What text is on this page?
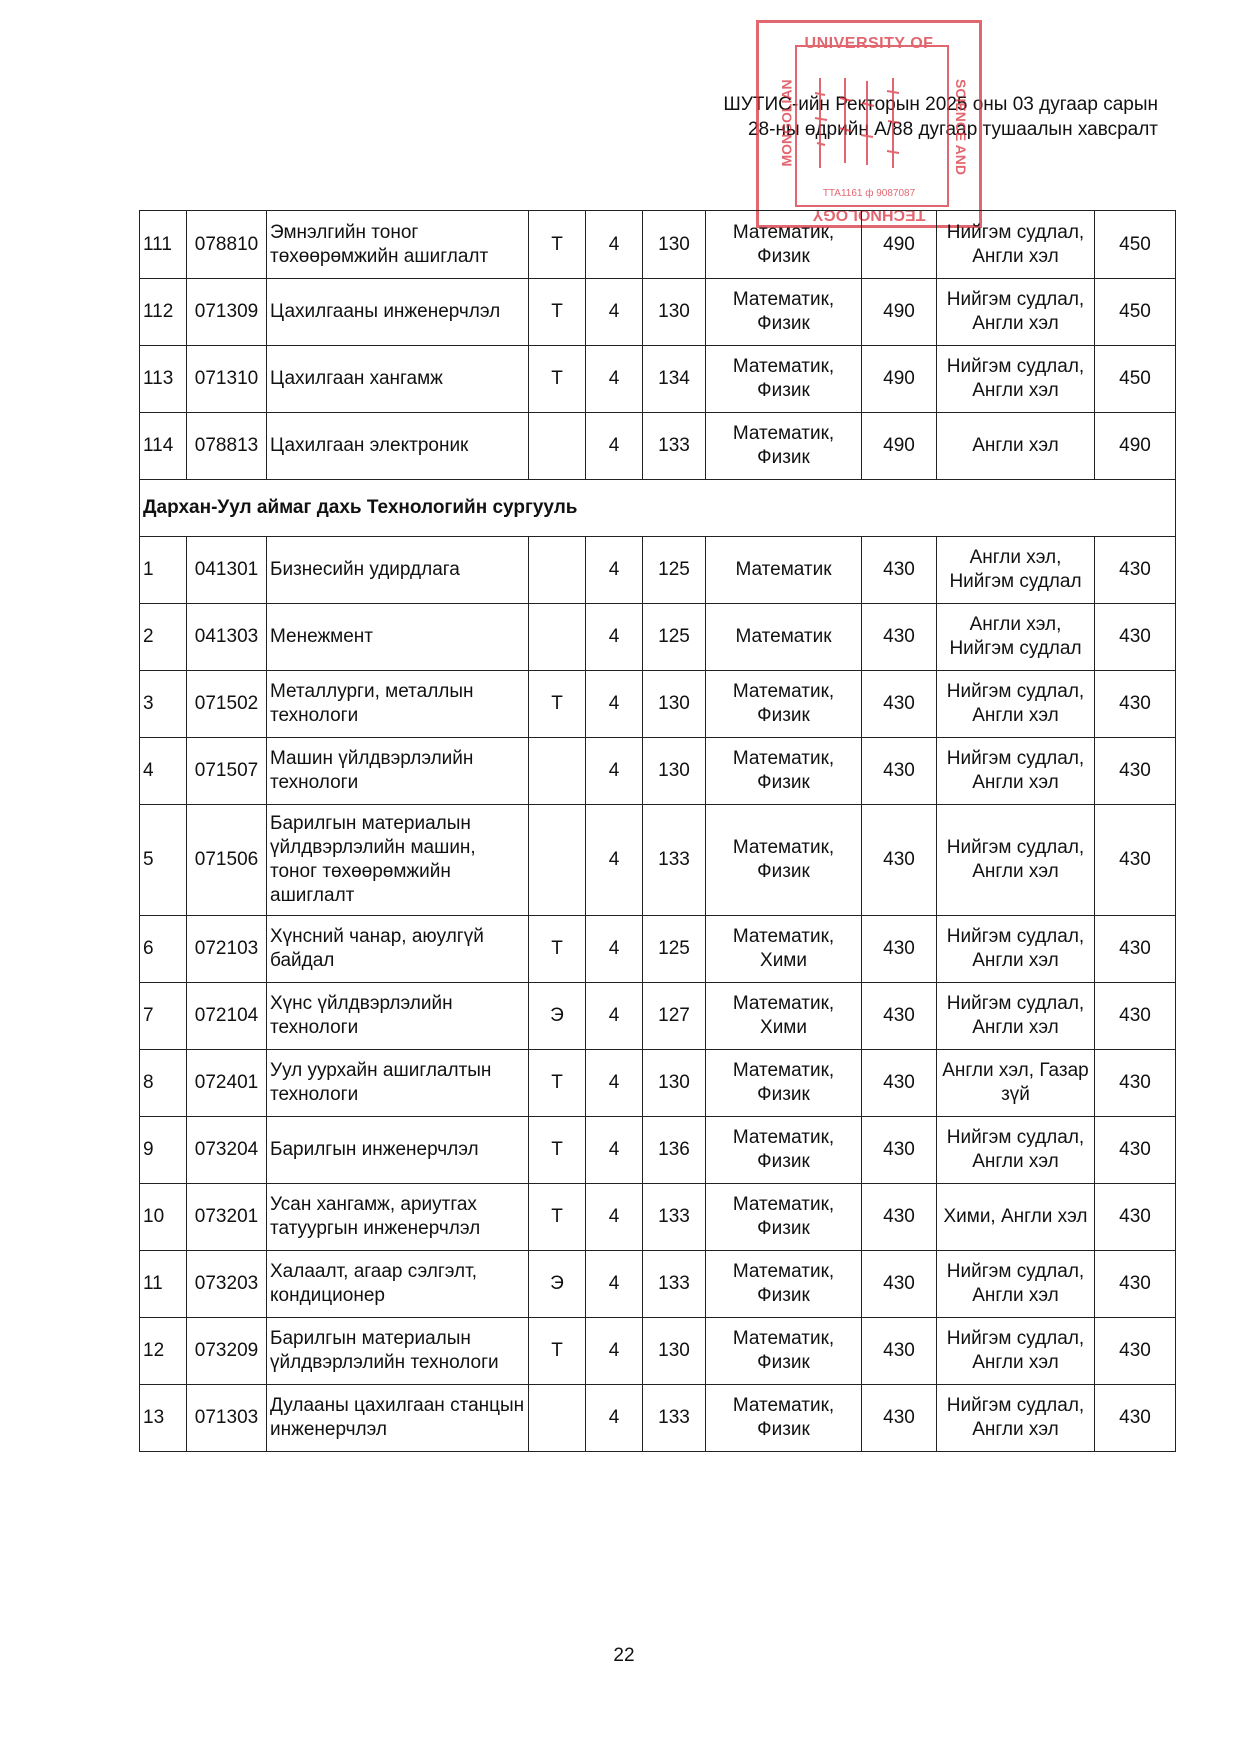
ШУТИС-ийн Ректорын 2025 оны 03 дугаар сарын
28-ны өдрийн А/88 дугаар тушаалын хавсралт
UNIVERSITY OF
MONGOLIAN	SCIENCE AND
TTA1161 ф 9087087
TECHNOLOGY
111	078810	Эмнэлгийн тоног төхөөрөмжийн ашиглалт	Т	4	130	Математик, Физик	490	Нийгэм судлал, Англи хэл	450
112	071309	Цахилгааны инженерчлэл	Т	4	130	Математик, Физик	490	Нийгэм судлал, Англи хэл	450
113	071310	Цахилгаан хангамж	Т	4	134	Математик, Физик	490	Нийгэм судлал, Англи хэл	450
114	078813	Цахилгаан электроник		4	133	Математик, Физик	490	Англи хэл	490
Дархан-Уул аймаг дахь Технологийн сургууль									
1	041301	Бизнесийн удирдлага		4	125	Математик	430	Англи хэл, Нийгэм судлал	430
2	041303	Менежмент		4	125	Математик	430	Англи хэл, Нийгэм судлал	430
3	071502	Металлурги, металлын технологи	Т	4	130	Математик, Физик	430	Нийгэм судлал, Англи хэл	430
4	071507	Машин үйлдвэрлэлийн технологи		4	130	Математик, Физик	430	Нийгэм судлал, Англи хэл	430
5	071506	Барилгын материалын үйлдвэрлэлийн машин, тоног төхөөрөмжийн ашиглалт		4	133	Математик, Физик	430	Нийгэм судлал, Англи хэл	430
6	072103	Хүнсний чанар, аюулгүй байдал	Т	4	125	Математик, Хими	430	Нийгэм судлал, Англи хэл	430
7	072104	Хүнс үйлдвэрлэлийн технологи	Э	4	127	Математик, Хими	430	Нийгэм судлал, Англи хэл	430
8	072401	Уул уурхайн ашиглалтын технологи	Т	4	130	Математик, Физик	430	Англи хэл, Газар зүй	430
9	073204	Барилгын инженерчлэл	Т	4	136	Математик, Физик	430	Нийгэм судлал, Англи хэл	430
10	073201	Усан хангамж, ариутгах татуургын инженерчлэл	Т	4	133	Математик, Физик	430	Хими, Англи хэл	430
11	073203	Халаалт, агаар сэлгэлт, кондиционер	Э	4	133	Математик, Физик	430	Нийгэм судлал, Англи хэл	430
12	073209	Барилгын материалын үйлдвэрлэлийн технологи	Т	4	130	Математик, Физик	430	Нийгэм судлал, Англи хэл	430
13	071303	Дулааны цахилгаан станцын инженерчлэл		4	133	Математик, Физик	430	Нийгэм судлал, Англи хэл	430
22
